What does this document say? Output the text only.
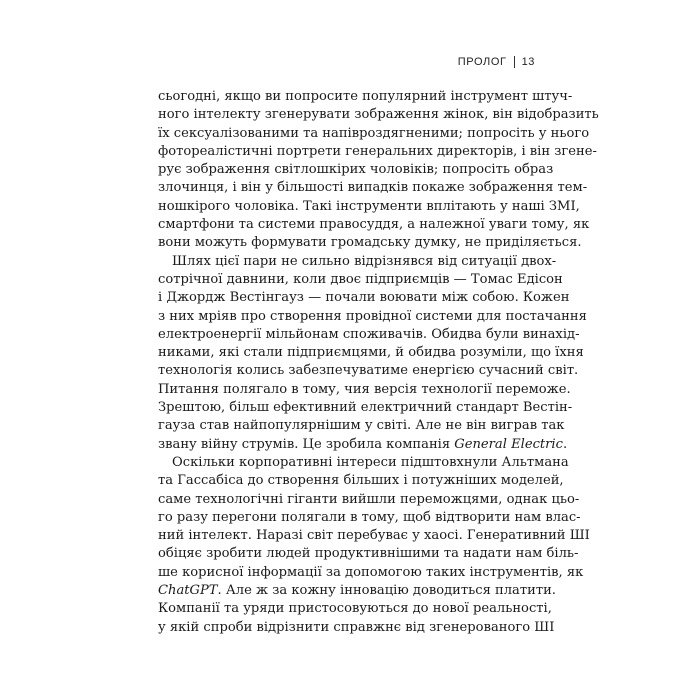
ПРОЛОГ 13
сьогодні, якщо ви попросите популярний інструмент штуч-
ного інтелекту згенерувати зображення жінок, він відобразить
їх сексуалізованими та напівроздягненими; попросіть у нього
фотореалістичні портрети генеральних директорів, і він згене-
рує зображення світлошкірих чоловіків; попросіть образ
злочинця, і він у більшості випадків покаже зображення тем-
ношкірого чоловіка. Такі інструменти вплітають у наші ЗМІ,
смартфони та системи правосуддя, а належної уваги тому, як
вони можуть формувати громадську думку, не приділяється.
Шлях цієї пари не сильно відрізнявся від ситуації двох-
сотрічної давнини, коли двоє підприємців — Томас Едісон
і Джордж Вестінгауз — почали воювати між собою. Кожен
з них мріяв про створення провідної системи для постачання
електроенергії мільйонам споживачів. Обидва були винахід-
никами, які стали підприємцями, й обидва розуміли, що їхня
технологія колись забезпечуватиме енергією сучасний світ.
Питання полягало в тому, чия версія технології переможе.
Зрештою, більш ефективний електричний стандарт Вестін-
гауза став найпопулярнішим у світі. Але не він виграв так
звану війну струмів. Це зробила компанія General Electric.
Оскільки корпоративні інтереси підштовхнули Альтмана
та Гассабіса до створення більших і потужніших моделей,
саме технологічні гіганти вийшли переможцями, однак цьо-
го разу перегони полягали в тому, щоб відтворити нам влас-
ний інтелект. Наразі світ перебуває у хаосі. Генеративний ШІ
обіцяє зробити людей продуктивнішими та надати нам біль-
ше корисної інформації за допомогою таких інструментів, як
ChatGPT. Але ж за кожну інновацію доводиться платити.
Компанії та уряди пристосовуються до нової реальності,
у якій спроби відрізнити справжнє від згенерованого ШІ
